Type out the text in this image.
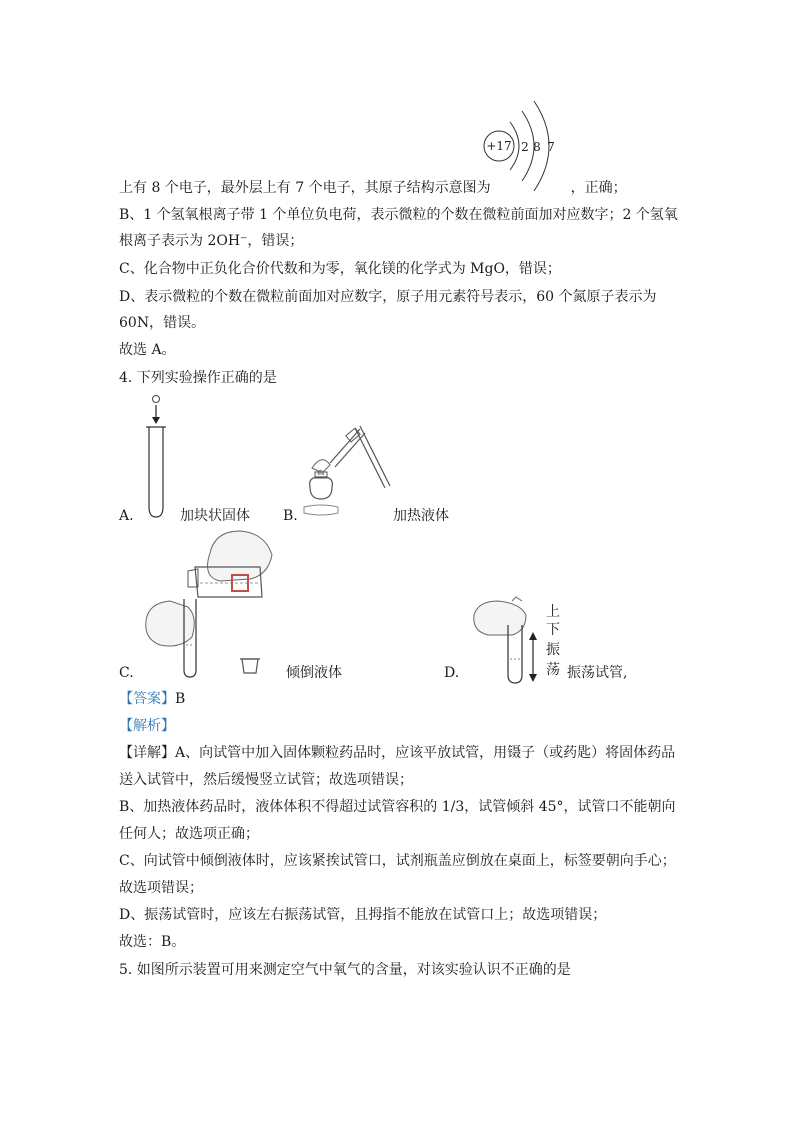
+17 2 8 7
上有 8 个电子，最外层上有 7 个电子，其原子结构示意图为	，正确；
B、1 个氢氧根离子带 1 个单位负电荷，表示微粒的个数在微粒前面加对应数字；2 个氢氧
根离子表示为 2OH⁻，错误；
C、化合物中正负化合价代数和为零，氧化镁的化学式为 MgO，错误；
D、表示微粒的个数在微粒前面加对应数字，原子用元素符号表示，60 个氮原子表示为
60N，错误。
故选 A。
4. 下列实验操作正确的是
A.	加块状固体 B.	加热液体
C.	倾倒液体
上
下
振
荡
D.	振荡试管,
【答案】B
【解析】
【详解】A、向试管中加入固体颗粒药品时，应该平放试管，用镊子（或药匙）将固体药品
送入试管中，然后缓慢竖立试管；故选项错误；
B、加热液体药品时，液体体积不得超过试管容积的 1/3，试管倾斜 45°，试管口不能朝向
任何人；故选项正确；
C、向试管中倾倒液体时，应该紧挨试管口，试剂瓶盖应倒放在桌面上，标签要朝向手心；
故选项错误；
D、振荡试管时，应该左右振荡试管，且拇指不能放在试管口上；故选项错误；
故选：B。
5. 如图所示装置可用来测定空气中氧气的含量，对该实验认识不正确的是
